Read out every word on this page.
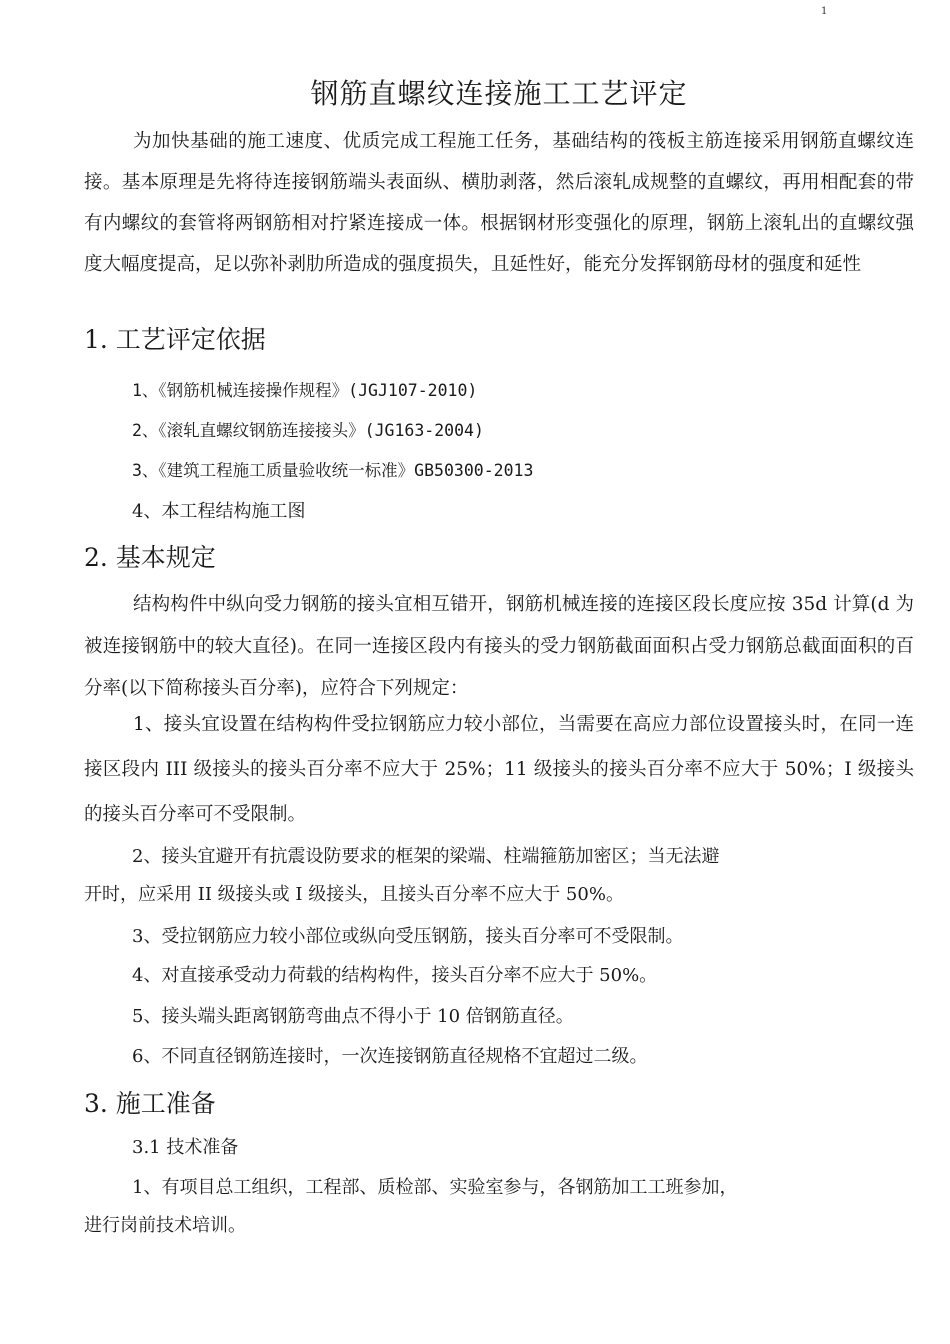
1
钢筋直螺纹连接施工工艺评定

为加快基础的施工速度、优质完成工程施工任务，基础结构的筏板主筋连接采用钢筋直螺纹连接。基本原理是先将待连接钢筋端头表面纵、横肋剥落，然后滚轧成规整的直螺纹，再用相配套的带有内螺纹的套管将两钢筋相对拧紧连接成一体。根据钢材形变强化的原理，钢筋上滚轧出的直螺纹强度大幅度提高，足以弥补剥肋所造成的强度损失，且延性好，能充分发挥钢筋母材的强度和延性

1. 工艺评定依据
1、《钢筋机械连接操作规程》(JGJ107-2010)
2、《滚轧直螺纹钢筋连接接头》(JG163-2004)
3、《建筑工程施工质量验收统一标准》GB50300-2013
4、本工程结构施工图
2. 基本规定

结构构件中纵向受力钢筋的接头宜相互错开，钢筋机械连接的连接区段长度应按 35d 计算(d 为被连接钢筋中的较大直径)。在同一连接区段内有接头的受力钢筋截面面积占受力钢筋总截面面积的百分率(以下简称接头百分率)，应符合下列规定：

1、接头宜设置在结构构件受拉钢筋应力较小部位，当需要在高应力部位设置接头时，在同一连接区段内 III 级接头的接头百分率不应大于 25%；11 级接头的接头百分率不应大于 50%；I 级接头的接头百分率可不受限制。

2、接头宜避开有抗震设防要求的框架的梁端、柱端箍筋加密区；当无法避
开时，应采用 II 级接头或 I 级接头，且接头百分率不应大于 50%。
3、受拉钢筋应力较小部位或纵向受压钢筋，接头百分率可不受限制。
4、对直接承受动力荷载的结构构件，接头百分率不应大于 50%。
5、接头端头距离钢筋弯曲点不得小于 10 倍钢筋直径。
6、不同直径钢筋连接时，一次连接钢筋直径规格不宜超过二级。
3. 施工准备
3.1 技术准备
1、有项目总工组织，工程部、质检部、实验室参与，各钢筋加工工班参加，
进行岗前技术培训。
